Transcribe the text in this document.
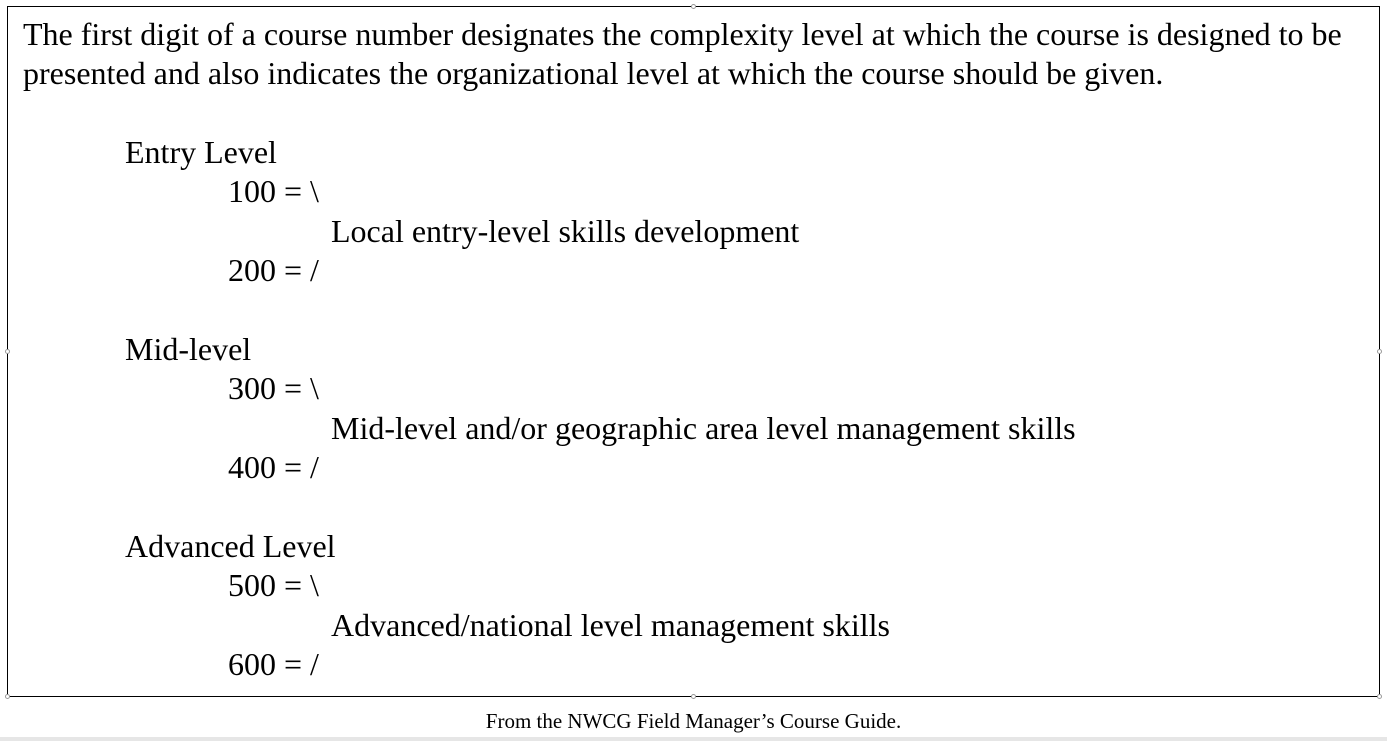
The first digit of a course number designates the complexity level at which the course is designed to be presented and also indicates the organizational level at which the course should be given.

Entry Level
100 = \
Local entry-level skills development
200 = /
Mid-level
300 = \
Mid-level and/or geographic area level management skills
400 = /
Advanced Level
500 = \
Advanced/national level management skills
600 = /
From the NWCG Field Manager’s Course Guide.
